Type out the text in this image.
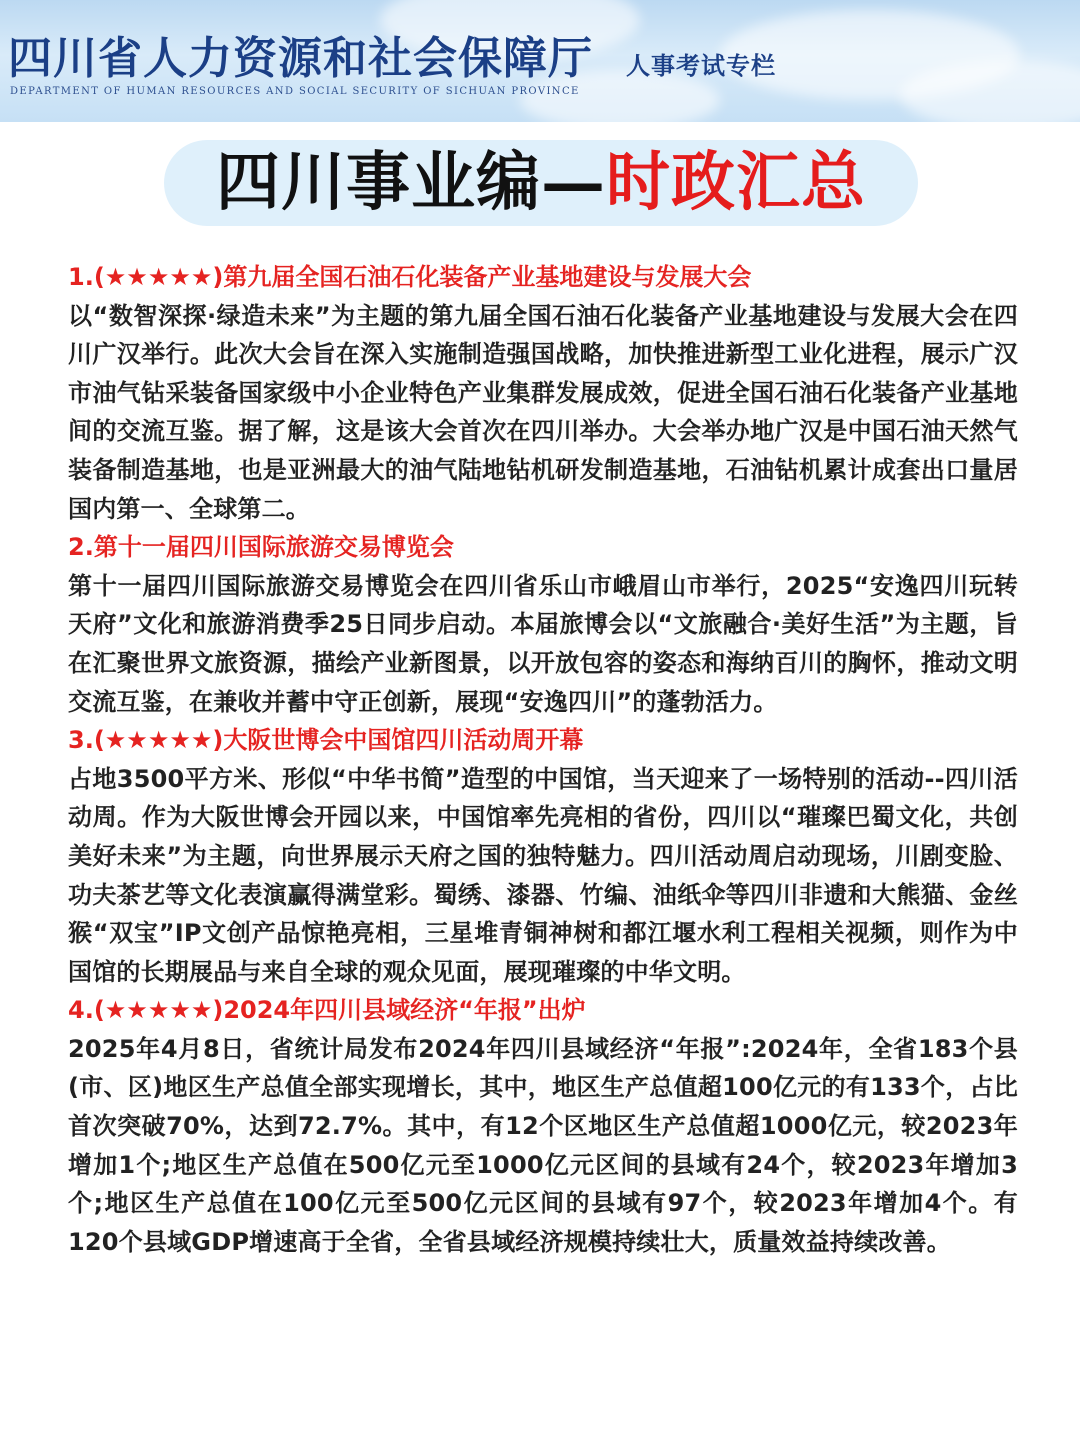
四川省人力资源和社会保障厅
DEPARTMENT OF HUMAN RESOURCES AND SOCIAL SECURITY OF SICHUAN PROVINCE
人事考试专栏
四川事业编—时政汇总

1.(★★★★★)第九届全国石油石化装备产业基地建设与发展大会

以“数智深探·绿造未来”为主题的第九届全国石油石化装备产业基地建设与发展大会在四川广汉举行。此次大会旨在深入实施制造强国战略，加快推进新型工业化进程，展示广汉市油气钻采装备国家级中小企业特色产业集群发展成效，促进全国石油石化装备产业基地间的交流互鉴。据了解，这是该大会首次在四川举办。大会举办地广汉是中国石油天然气装备制造基地，也是亚洲最大的油气陆地钻机研发制造基地，石油钻机累计成套出口量居国内第一、全球第二。

2.第十一届四川国际旅游交易博览会

第十一届四川国际旅游交易博览会在四川省乐山市峨眉山市举行，2025“安逸四川玩转天府”文化和旅游消费季25日同步启动。本届旅博会以“文旅融合·美好生活”为主题，旨在汇聚世界文旅资源，描绘产业新图景，以开放包容的姿态和海纳百川的胸怀，推动文明交流互鉴，在兼收并蓄中守正创新，展现“安逸四川”的蓬勃活力。

3.(★★★★★)大阪世博会中国馆四川活动周开幕

占地3500平方米、形似“中华书简”造型的中国馆，当天迎来了一场特别的活动--四川活动周。作为大阪世博会开园以来，中国馆率先亮相的省份，四川以“璀璨巴蜀文化，共创美好未来”为主题，向世界展示天府之国的独特魅力。四川活动周启动现场，川剧变脸、功夫茶艺等文化表演赢得满堂彩。蜀绣、漆器、竹编、油纸伞等四川非遗和大熊猫、金丝猴“双宝”IP文创产品惊艳亮相，三星堆青铜神树和都江堰水利工程相关视频，则作为中国馆的长期展品与来自全球的观众见面，展现璀璨的中华文明。

4.(★★★★★)2024年四川县域经济“年报”出炉

2025年4月8日，省统计局发布2024年四川县域经济“年报”:2024年，全省183个县(市、区)地区生产总值全部实现增长，其中，地区生产总值超100亿元的有133个，占比首次突破70%，达到72.7%。其中，有12个区地区生产总值超1000亿元，较2023年增加1个;地区生产总值在500亿元至1000亿元区间的县域有24个，较2023年增加3个;地区生产总值在100亿元至500亿元区间的县域有97个，较2023年增加4个。有120个县域GDP增速高于全省，全省县域经济规模持续壮大，质量效益持续改善。
